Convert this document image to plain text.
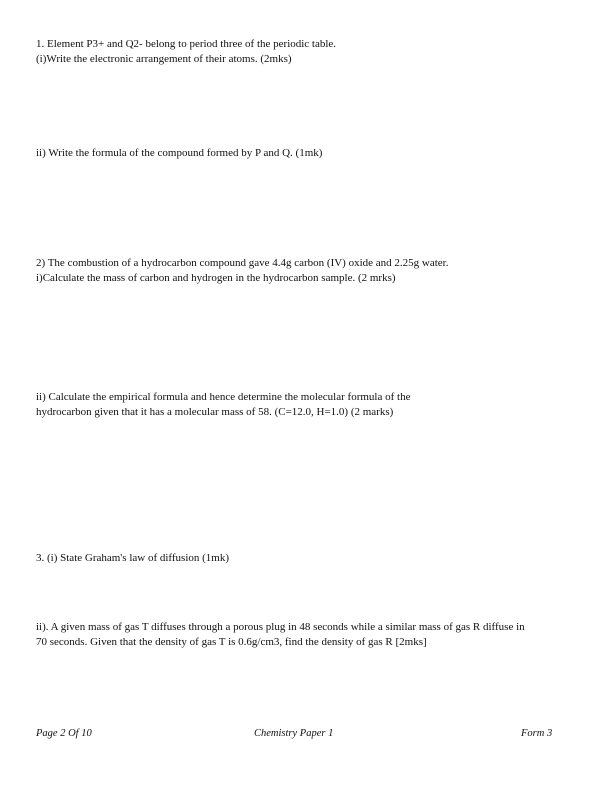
1. Element P3+ and Q2- belong to period three of the periodic table.
(i)Write the electronic arrangement of their atoms. (2mks)
ii) Write the formula of the compound formed by P and Q. (1mk)
2) The combustion of a hydrocarbon compound gave 4.4g carbon (IV) oxide and 2.25g water.
i)Calculate the mass of carbon and hydrogen in the hydrocarbon sample. (2 mrks)
ii) Calculate the empirical formula and hence determine the molecular formula of the
hydrocarbon given that it has a molecular mass of 58. (C=12.0, H=1.0) (2 marks)
3. (i) State Graham's law of diffusion (1mk)
ii). A given mass of gas T diffuses through a porous plug in 48 seconds while a similar mass of gas R diffuse in
70 seconds. Given that the density of gas T is 0.6g/cm3, find the density of gas R [2mks]
Page 2 Of 10	Chemistry Paper 1	Form 3
